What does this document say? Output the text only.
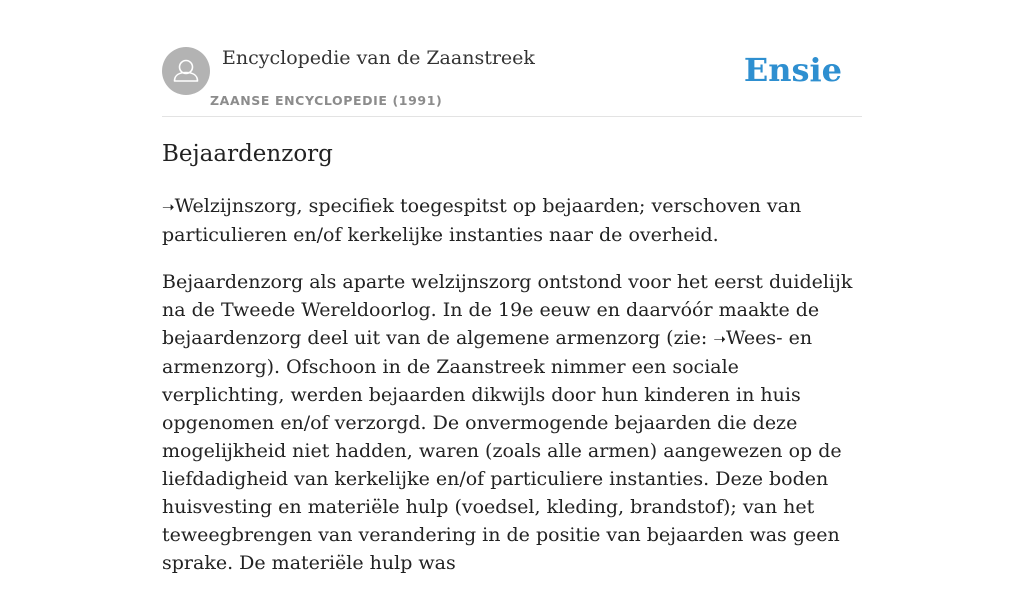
Encyclopedie van de Zaanstreek
ZAANSE ENCYCLOPEDIE (1991)
Ensie
Bejaardenzorg

➝Welzijnszorg, specifiek toegespitst op bejaarden; verschoven van particulieren en/of kerkelijke instanties naar de overheid.

Bejaardenzorg als aparte welzijnszorg ontstond voor het eerst duidelijk na de Tweede Wereldoorlog. In de 19e eeuw en daarvóór maakte de bejaardenzorg deel uit van de algemene armenzorg (zie: ➝Wees- en armenzorg). Ofschoon in de Zaanstreek nimmer een sociale verplichting, werden bejaarden dikwijls door hun kinderen in huis opgenomen en/of verzorgd. De onvermogende bejaarden die deze mogelijkheid niet hadden, waren (zoals alle armen) aangewezen op de liefdadigheid van kerkelijke en/of particuliere instanties. Deze boden huisvesting en materiële hulp (voedsel, kleding, brandstof); van het teweegbrengen van verandering in de positie van bejaarden was geen sprake. De materiële hulp was
